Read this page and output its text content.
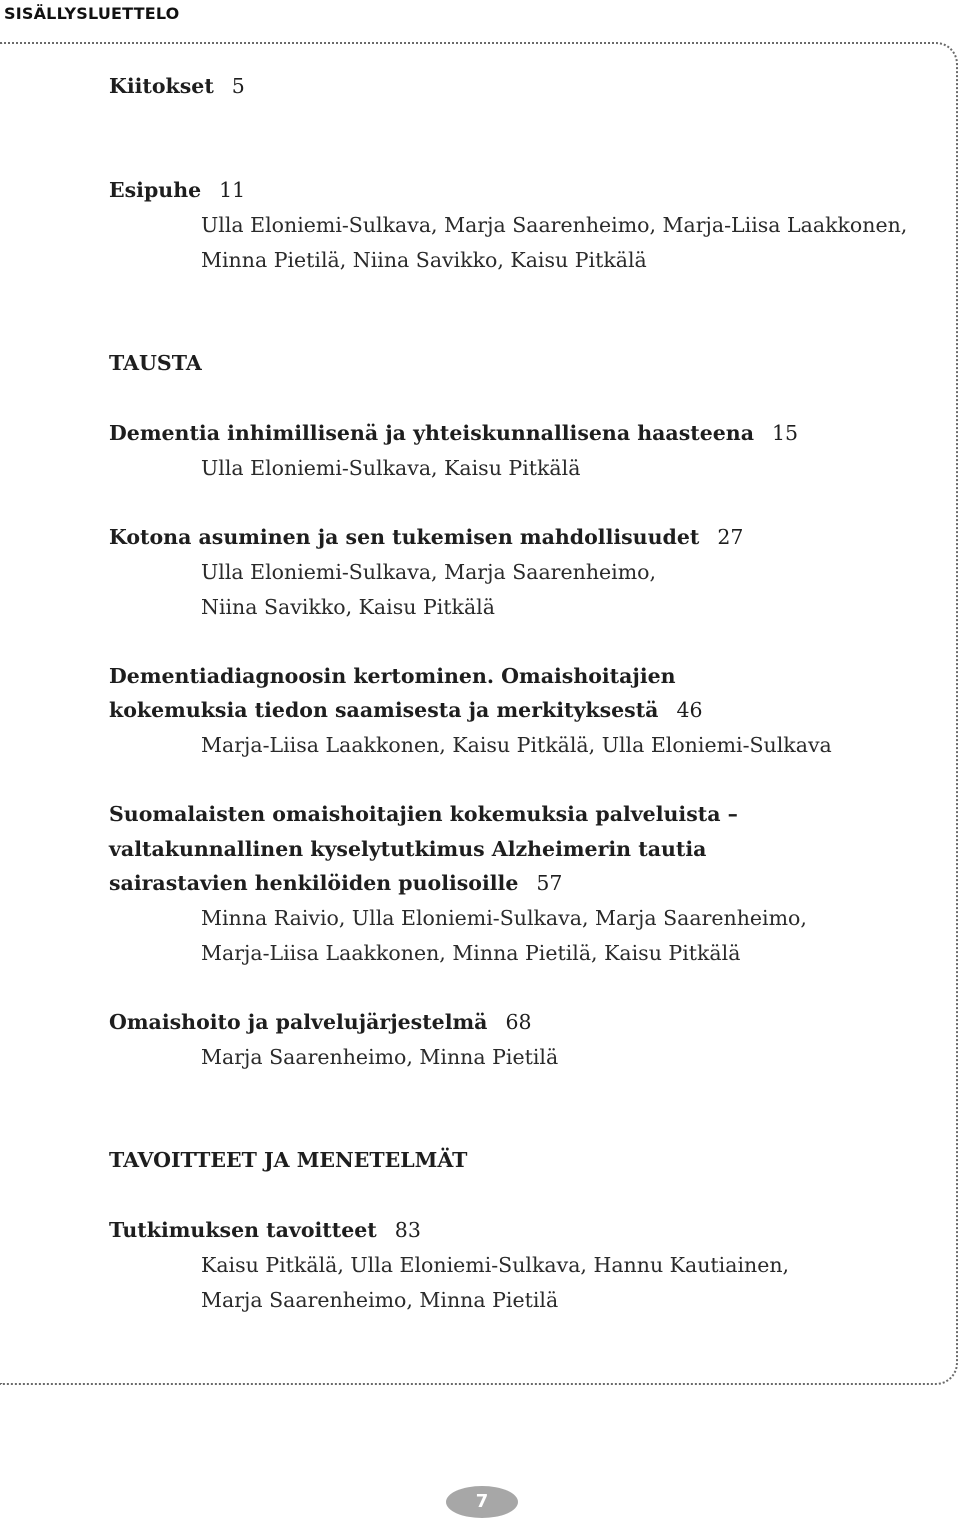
SISÄLLYSLUETTELO
Kiitokset 5
Esipuhe 11
Ulla Eloniemi-Sulkava, Marja Saarenheimo, Marja-Liisa Laakkonen,
Minna Pietilä, Niina Savikko, Kaisu Pitkälä
TAUSTA
Dementia inhimillisenä ja yhteiskunnallisena haasteena 15
Ulla Eloniemi-Sulkava, Kaisu Pitkälä
Kotona asuminen ja sen tukemisen mahdollisuudet 27
Ulla Eloniemi-Sulkava, Marja Saarenheimo,
Niina Savikko, Kaisu Pitkälä
Dementiadiagnoosin kertominen. Omaishoitajien
kokemuksia tiedon saamisesta ja merkityksestä 46
Marja-Liisa Laakkonen, Kaisu Pitkälä, Ulla Eloniemi-Sulkava
Suomalaisten omaishoitajien kokemuksia palveluista –
valtakunnallinen kyselytutkimus Alzheimerin tautia
sairastavien henkilöiden puolisoille 57
Minna Raivio, Ulla Eloniemi-Sulkava, Marja Saarenheimo,
Marja-Liisa Laakkonen, Minna Pietilä, Kaisu Pitkälä
Omaishoito ja palvelujärjestelmä 68
Marja Saarenheimo, Minna Pietilä
TAVOITTEET JA MENETELMÄT
Tutkimuksen tavoitteet 83
Kaisu Pitkälä, Ulla Eloniemi-Sulkava, Hannu Kautiainen,
Marja Saarenheimo, Minna Pietilä
7
